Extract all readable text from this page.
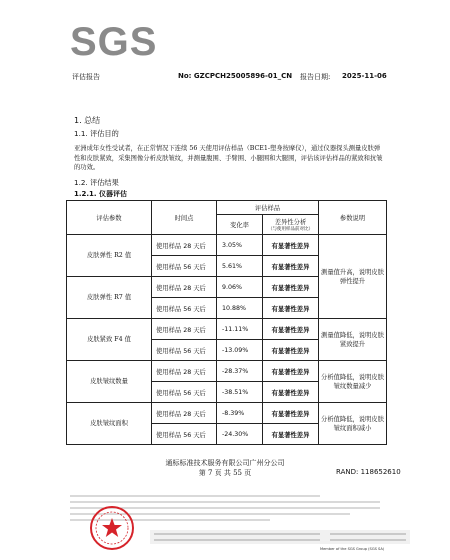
SGS
评估报告	No: GZCPCH25005896-01_CN 报告日期: 2025-11-06
1. 总结
1.1. 评估目的

亚洲成年女性受试者，在正常情况下连续 56 天使用评估样品（BCE1-塑身按摩仪），通过仪器探头测量皮肤弹性和皮肤紧致，采集图像分析皮肤皱纹，并测量腹围、手臂围、小腿围和大腿围，评估该评估样品的紧致和抗皱的功效。

1.2. 评估结果
1.2.1. 仪器评估
评估参数	时间点	评估样品		参数说明
		变化率	差异性分析
（与使用样品前对比）	

皮肤弹性 R2 值	使用样品 28 天后	3.05%	有显著性差异	测量值升高，说明皮肤弹性提升
	使用样品 56 天后	5.61%	有显著性差异	
皮肤弹性 R7 值	使用样品 28 天后	9.06%	有显著性差异	
	使用样品 56 天后	10.88%	有显著性差异	
皮肤紧致 F4 值	使用样品 28 天后	-11.11%	有显著性差异	测量值降低，说明皮肤紧致提升
	使用样品 56 天后	-13.09%	有显著性差异	
皮肤皱纹数量	使用样品 28 天后	-28.37%	有显著性差异	分析值降低，说明皮肤皱纹数量减少
	使用样品 56 天后	-38.51%	有显著性差异	
皮肤皱纹面积	使用样品 28 天后	-8.39%	有显著性差异	分析值降低，说明皮肤皱纹面积减小
	使用样品 56 天后	-24.30%	有显著性差异	
通标标准技术服务有限公司广州分公司
第 7 页 共 55 页	RAND: 118652610
Member of the SGS Group (SGS SA)
